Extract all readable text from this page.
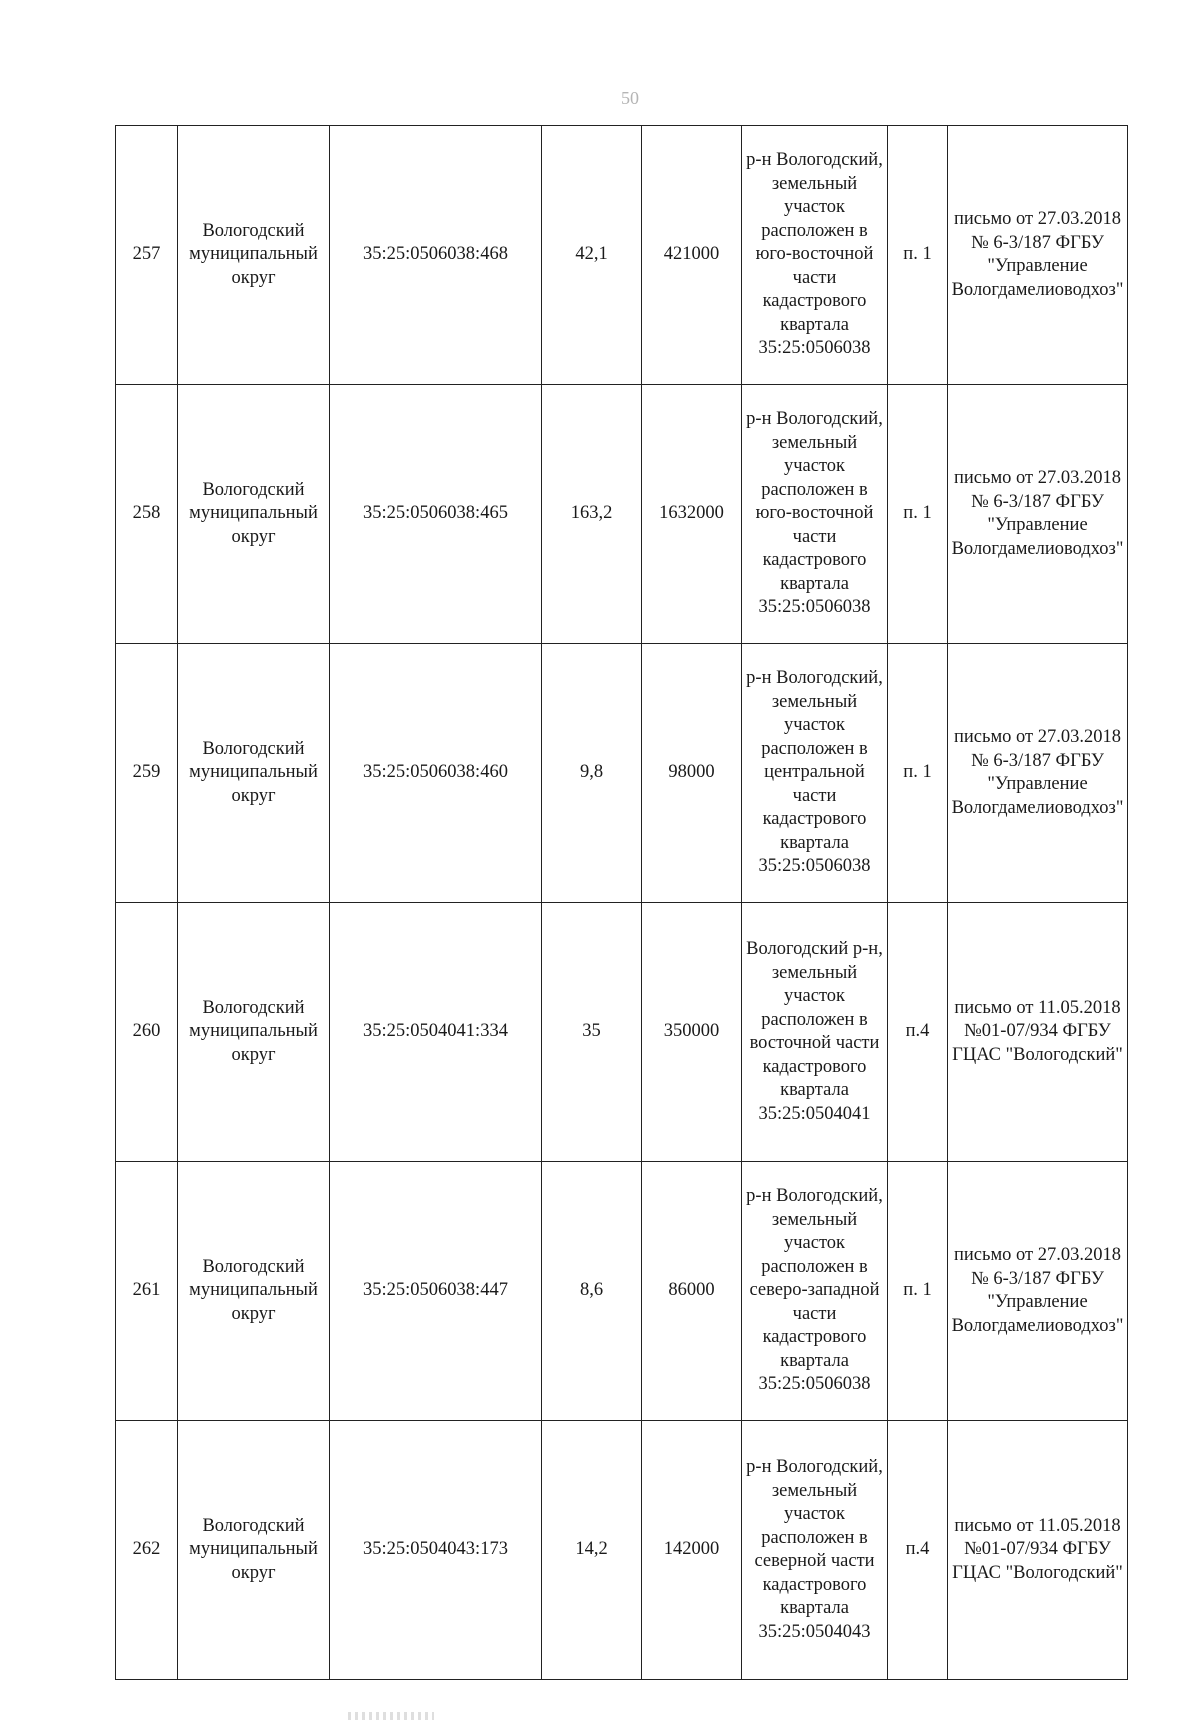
50
257	Вологодский муниципальный округ	35:25:0506038:468	42,1	421000	р-н Вологодский, земельный участок расположен в юго-восточной части кадастрового квартала 35:25:0506038	п. 1	письмо от 27.03.2018 № 6-3/187 ФГБУ "Управление Вологдамелиоводхоз"
258	Вологодский муниципальный округ	35:25:0506038:465	163,2	1632000	р-н Вологодский, земельный участок расположен в юго-восточной части кадастрового квартала 35:25:0506038	п. 1	письмо от 27.03.2018 № 6-3/187 ФГБУ "Управление Вологдамелиоводхоз"
259	Вологодский муниципальный округ	35:25:0506038:460	9,8	98000	р-н Вологодский, земельный участок расположен в центральной части кадастрового квартала 35:25:0506038	п. 1	письмо от 27.03.2018 № 6-3/187 ФГБУ "Управление Вологдамелиоводхоз"
260	Вологодский муниципальный округ	35:25:0504041:334	35	350000	Вологодский р-н, земельный участок расположен в восточной части кадастрового квартала 35:25:0504041	п.4	письмо от 11.05.2018 №01-07/934 ФГБУ ГЦАС "Вологодский"
261	Вологодский муниципальный округ	35:25:0506038:447	8,6	86000	р-н Вологодский, земельный участок расположен в северо-западной части кадастрового квартала 35:25:0506038	п. 1	письмо от 27.03.2018 № 6-3/187 ФГБУ "Управление Вологдамелиоводхоз"
262	Вологодский муниципальный округ	35:25:0504043:173	14,2	142000	р-н Вологодский, земельный участок расположен в северной части кадастрового квартала 35:25:0504043	п.4	письмо от 11.05.2018 №01-07/934 ФГБУ ГЦАС "Вологодский"
